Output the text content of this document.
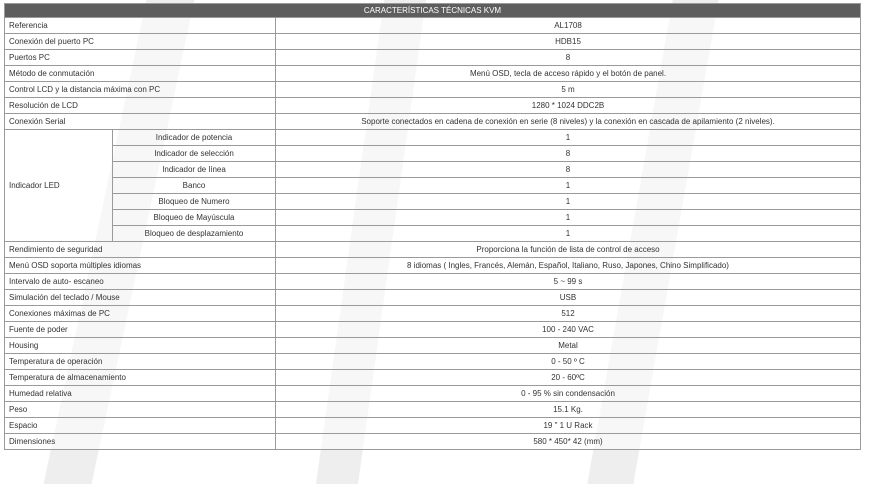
CARACTERÍSTICAS TÉCNICAS KVM		
Referencia		AL1708
Conexión del puerto PC		HDB15
Puertos PC		8
Método de conmutación		Menú OSD, tecla de acceso rápido y el botón de panel.
Control LCD y la distancia máxima con PC		5 m
Resolución de LCD		1280 * 1024 DDC2B
Conexión Serial		Soporte conectados en cadena de conexión en serie (8 niveles) y la conexión en cascada de apilamiento (2 niveles).
Indicador LED	Indicador de potencia	1
	Indicador de selección	8
	Indicador de línea	8
	Banco	1
	Bloqueo de Numero	1
	Bloqueo de Mayúscula	1
	Bloqueo de desplazamiento	1
Rendimiento de seguridad		Proporciona la función de lista de control de acceso
Menú OSD soporta múltiples idiomas		8 idiomas ( Ingles, Francés, Alemán, Español, Italiano, Ruso, Japones, Chino Simplificado)
Intervalo de auto- escaneo		5 ~ 99 s
Simulación del teclado / Mouse		USB
Conexiones máximas de PC		512
Fuente de poder		100 - 240 VAC
Housing		Metal
Temperatura de operación		0 - 50 º C
Temperatura de almacenamiento		20 - 60ºC
Humedad relativa		0 - 95 % sin condensación
Peso		15.1 Kg.
Espacio		19 " 1 U Rack
Dimensiones		580 * 450* 42 (mm)
